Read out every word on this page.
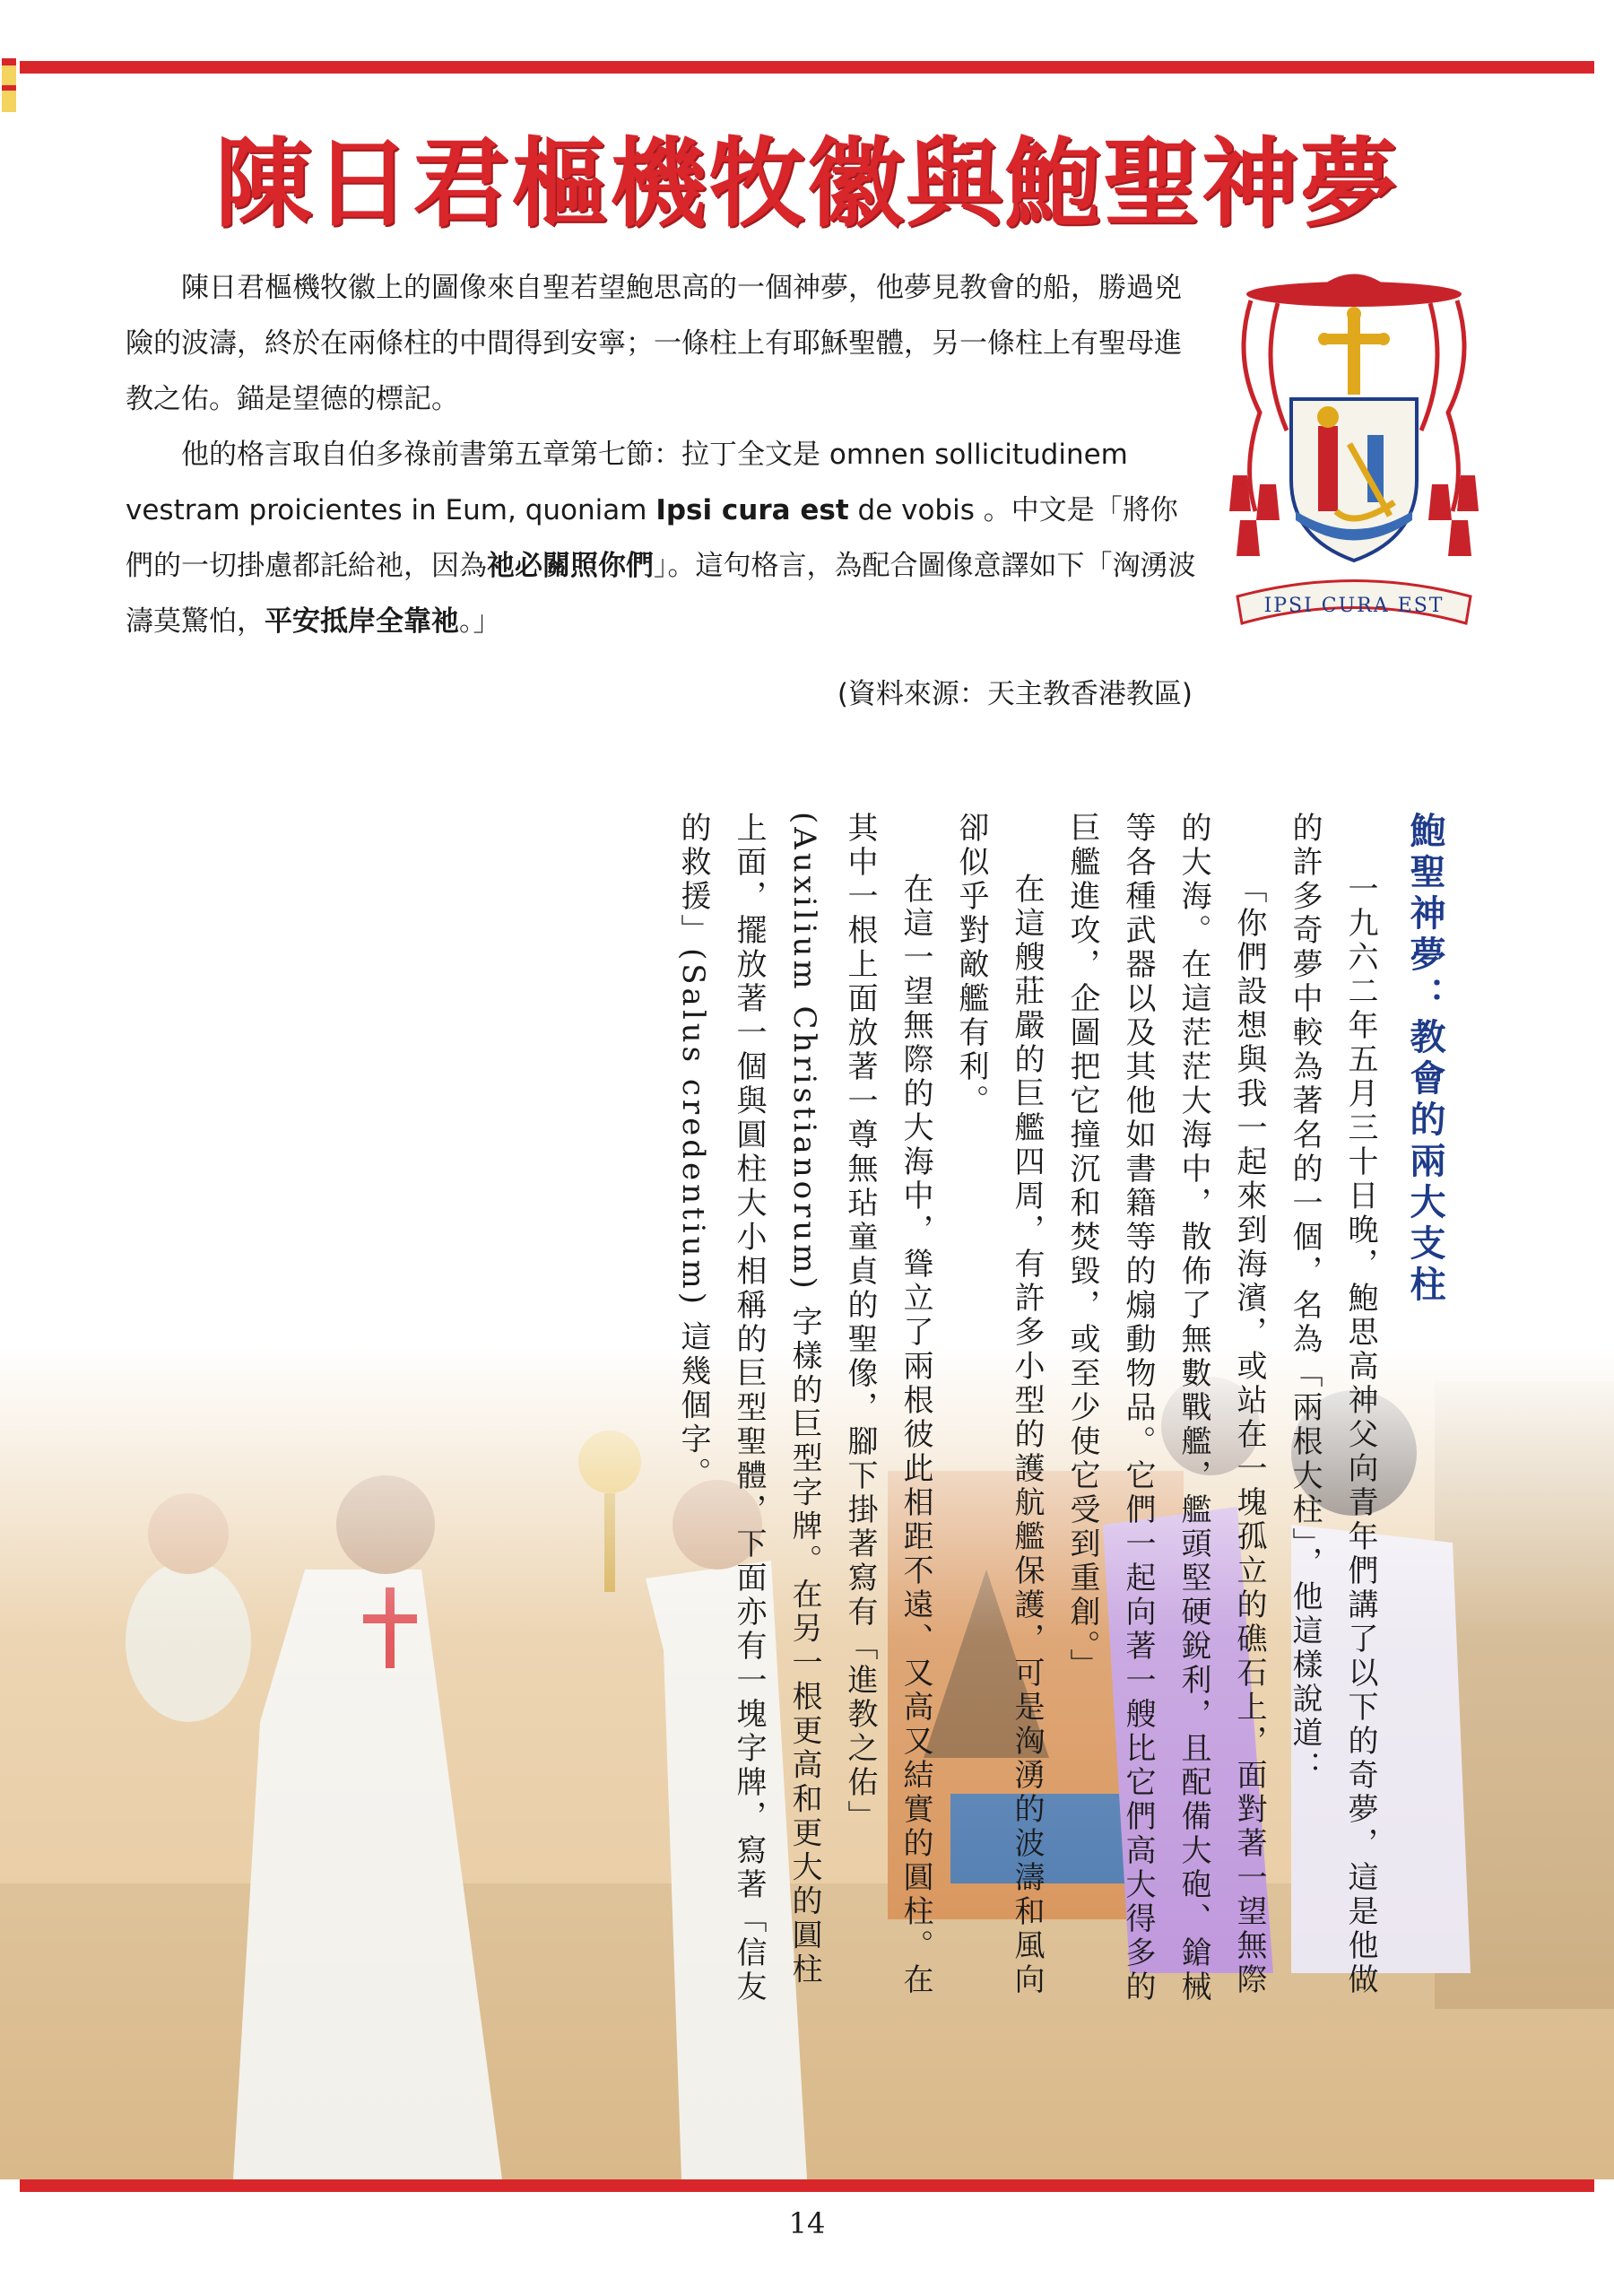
陳日君樞機牧徽與鮑聖神夢

陳日君樞機牧徽上的圖像來自聖若望鮑思高的一個神夢，他夢見教會的船，勝過兇險的波濤，終於在兩條柱的中間得到安寧；一條柱上有耶穌聖體，另一條柱上有聖母進教之佑。錨是望德的標記。

他的格言取自伯多祿前書第五章第七節：拉丁全文是 omnen sollicitudinem vestram proicientes in Eum, quoniam Ipsi cura est de vobis 。中文是「將你們的一切掛慮都託給祂，因為祂必關照你們」。這句格言，為配合圖像意譯如下「洶湧波濤莫驚怕，平安抵岸全靠祂。」

(資料來源：天主教香港教區)
IPSI CURA EST

鮑聖神夢：教會的兩大支柱

一九六二年五月三十日晚，鮑思高神父向青年們講了以下的奇夢，這是他做的許多奇夢中較為著名的一個，名為「兩根大柱」，他這樣說道：

「你們設想與我一起來到海濱，或站在一塊孤立的礁石上，面對著一望無際的大海。在這茫茫大海中，散佈了無數戰艦，艦頭堅硬銳利，且配備大砲、鎗械等各種武器以及其他如書籍等的煽動物品。它們一起向著一艘比它們高大得多的巨艦進攻，企圖把它撞沉和焚毀，或至少使它受到重創。」

在這艘莊嚴的巨艦四周，有許多小型的護航艦保護，可是洶湧的波濤和風向卻似乎對敵艦有利。

在這一望無際的大海中，聳立了兩根彼此相距不遠、又高又結實的圓柱。在其中一根上面放著一尊無玷童貞的聖像，腳下掛著寫有「進教之佑」(Auxilium Christianorum) 字樣的巨型字牌。在另一根更高和更大的圓柱上面，擺放著一個與圓柱大小相稱的巨型聖體，下面亦有一塊字牌，寫著「信友的救援」(Salus credentium) 這幾個字。

14
